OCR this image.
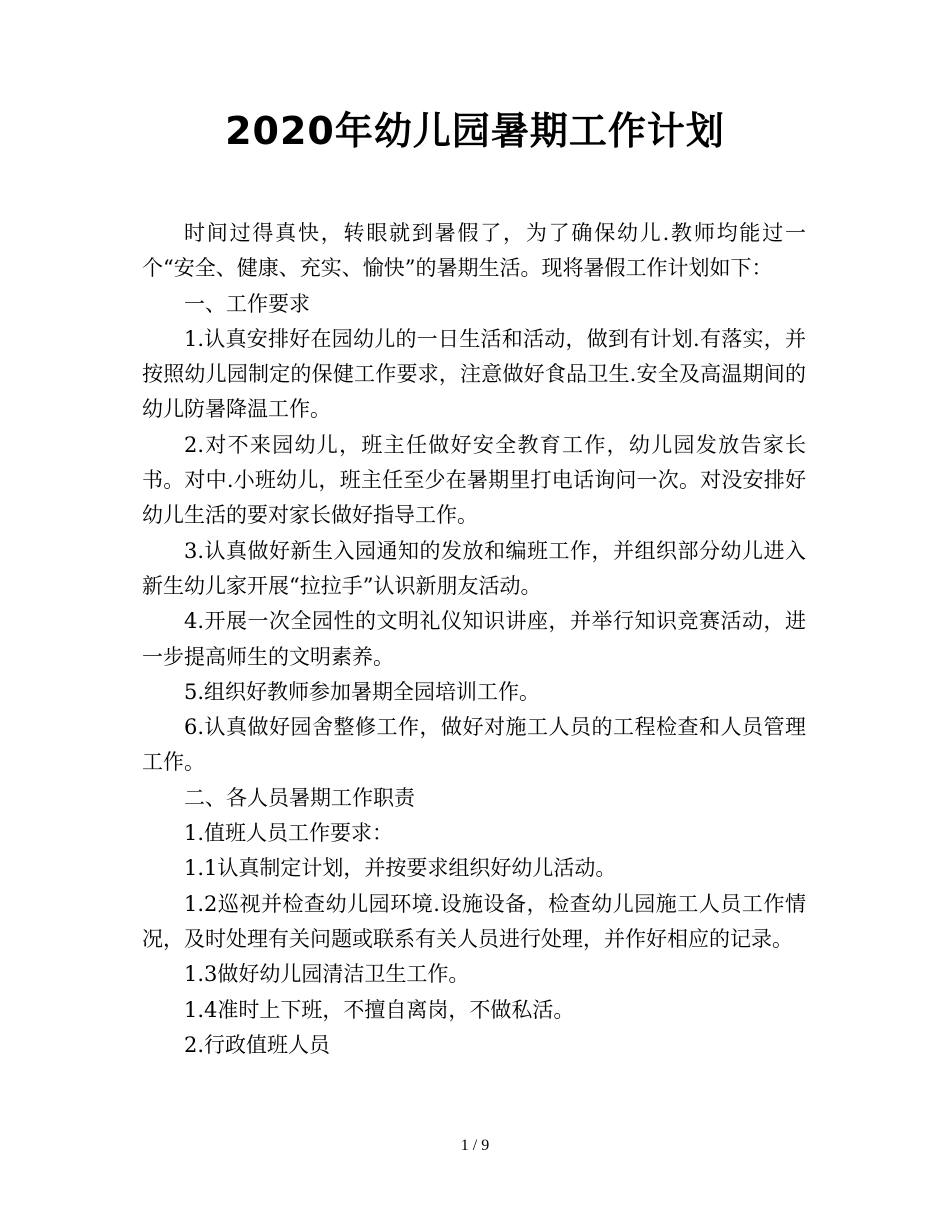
2020年幼儿园暑期工作计划

时间过得真快，转眼就到暑假了，为了确保幼儿.教师均能过一个“安全、健康、充实、愉快”的暑期生活。现将暑假工作计划如下：

一、工作要求

1.认真安排好在园幼儿的一日生活和活动，做到有计划.有落实，并按照幼儿园制定的保健工作要求，注意做好食品卫生.安全及高温期间的幼儿防暑降温工作。

2.对不来园幼儿，班主任做好安全教育工作，幼儿园发放告家长书。对中.小班幼儿，班主任至少在暑期里打电话询问一次。对没安排好幼儿生活的要对家长做好指导工作。

3.认真做好新生入园通知的发放和编班工作，并组织部分幼儿进入新生幼儿家开展“拉拉手”认识新朋友活动。

4.开展一次全园性的文明礼仪知识讲座，并举行知识竞赛活动，进一步提高师生的文明素养。

5.组织好教师参加暑期全园培训工作。

6.认真做好园舍整修工作，做好对施工人员的工程检查和人员管理工作。

二、各人员暑期工作职责

1.值班人员工作要求：

1.1认真制定计划，并按要求组织好幼儿活动。

1.2巡视并检查幼儿园环境.设施设备，检查幼儿园施工人员工作情况，及时处理有关问题或联系有关人员进行处理，并作好相应的记录。

1.3做好幼儿园清洁卫生工作。

1.4准时上下班，不擅自离岗，不做私活。

2.行政值班人员

1 / 9
